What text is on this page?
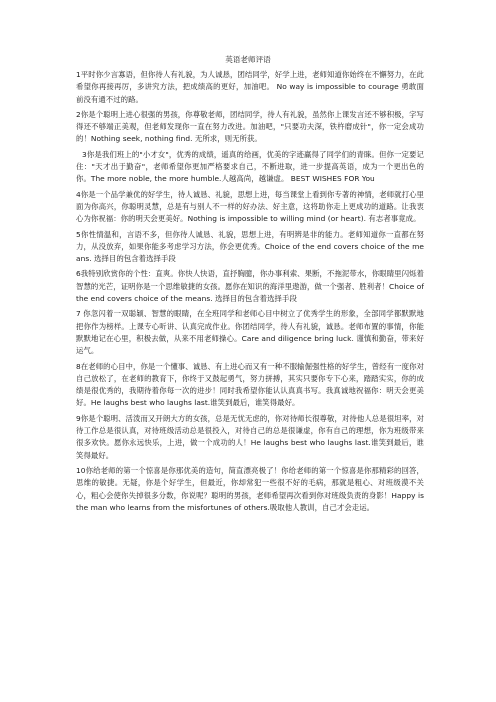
英语老师评语

1平时你少言寡语，但你待人有礼貌，为人诚恳，团结同学，好学上进，老师知道你始终在不懈努力，在此希望你再接再厉，多讲究方法，把成绩高的更好，加油吧。 No way is impossible to courage 勇敢面前没有通不过的路。

2你是个聪明上进心很强的男孩，你尊敬老师，团结同学，待人有礼貌，虽然你上课发言还不够积极，字写得还不够端正美观，但老师发现你一直在努力改进。加油吧，"只要功夫深，铁杵磨成针"，你一定会成功的！Nothing seek, nothing find. 无所求，则无所获。

3你是我们班上的"小才女"，优秀的成绩，遥真的给画，优美的字迹赢得了同学们的青睐。但你一定要记住："天才出于勤奋"，老师希望你更加严格要求自己，不断进取，进一步提高英语，成为一个更出色的你。The more noble, the more humble.人越高尚，越谦虚。 BEST WISHES FOR You

4你是一个品学兼优的好学生，待人诚恳、礼貌，思想上进，每当课堂上看到你专著的神情，老师就打心里面为你高兴，你聪明灵慧，总是有与别人不一样的好办法、好主意，这将助你走上更成功的道路。让我衷心为你祝福：你的明天会更美好。Nothing is impossible to willing mind (or heart). 有志者事竟成。

5你性情温和，言语不多，但你待人诚恳、礼貌，思想上进，有明辨是非的能力。老师知道你一直都在努力，从没放弃，如果你能多考虑学习方法，你会更优秀。Choice of the end covers choice of the means. 选择目的包含着选择手段

6我特别欣赏你的个性：直爽。你快人快语，直抒胸臆，你办事利索、果断，不拖泥带水，你眼睛里闪烁着智慧的光芒，证明你是一个思维敏捷的女孩。愿你在知识的海洋里遨游，做一个强者、胜利者！Choice of the end covers choice of the means. 选择目的包含着选择手段

7 你忽闪着一双聪颖、智慧的眼睛，在全班同学和老师心目中树立了优秀学生的形象，全部同学都默默地把你作为榜样。上课专心听讲、认真完成作业。你团结同学，待人有礼貌，诚恳。老师布置的事情，你能默默地记在心里，积极去做，从来不用老师操心。Care and diligence bring luck. 谨慎和勤奋，带来好运气。

8在老师的心目中，你是一个懂事、诚恳、有上进心而又有一种不服输倔强性格的好学生，曾经有一度你对自己放松了，在老师的教育下，你终于又鼓起勇气，努力拼搏，其实只要你专下心来，踏踏实实，你的成绩是很优秀的，我期待着你每一次的进步！同时我希望你能认认真真书写。我真诚地祝福你：明天会更美好。He laughs best who laughs last.谁笑到最后，谁笑得最好。

9你是个聪明、活泼而又开朗大方的女孩，总是无忧无虑的，你对待师长很尊敬，对待他人总是很坦率，对待工作总是很认真，对待班级活动总是很投入，对待自己的总是很谦虚，你有自己的理想，你为班级带来很多欢快。愿你永远快乐，上进，做一个成功的人！He laughs best who laughs last.谁笑到最后，谁笑得最好。

10你给老师的第一个惊喜是你那优美的造句，简直漂亮极了！你给老师的第一个惊喜是你那精彩的回答，思维的敏捷。无疑，你是个好学生，但最近，你却常犯一些很不好的毛病，那就是粗心、对班级漠不关心，粗心会使你失掉很多分数，你说呢？聪明的男孩，老师希望再次看到你对班级负责的身影！Happy is the man who learns from the misfortunes of others.吸取他人教训，自己才会走运。
